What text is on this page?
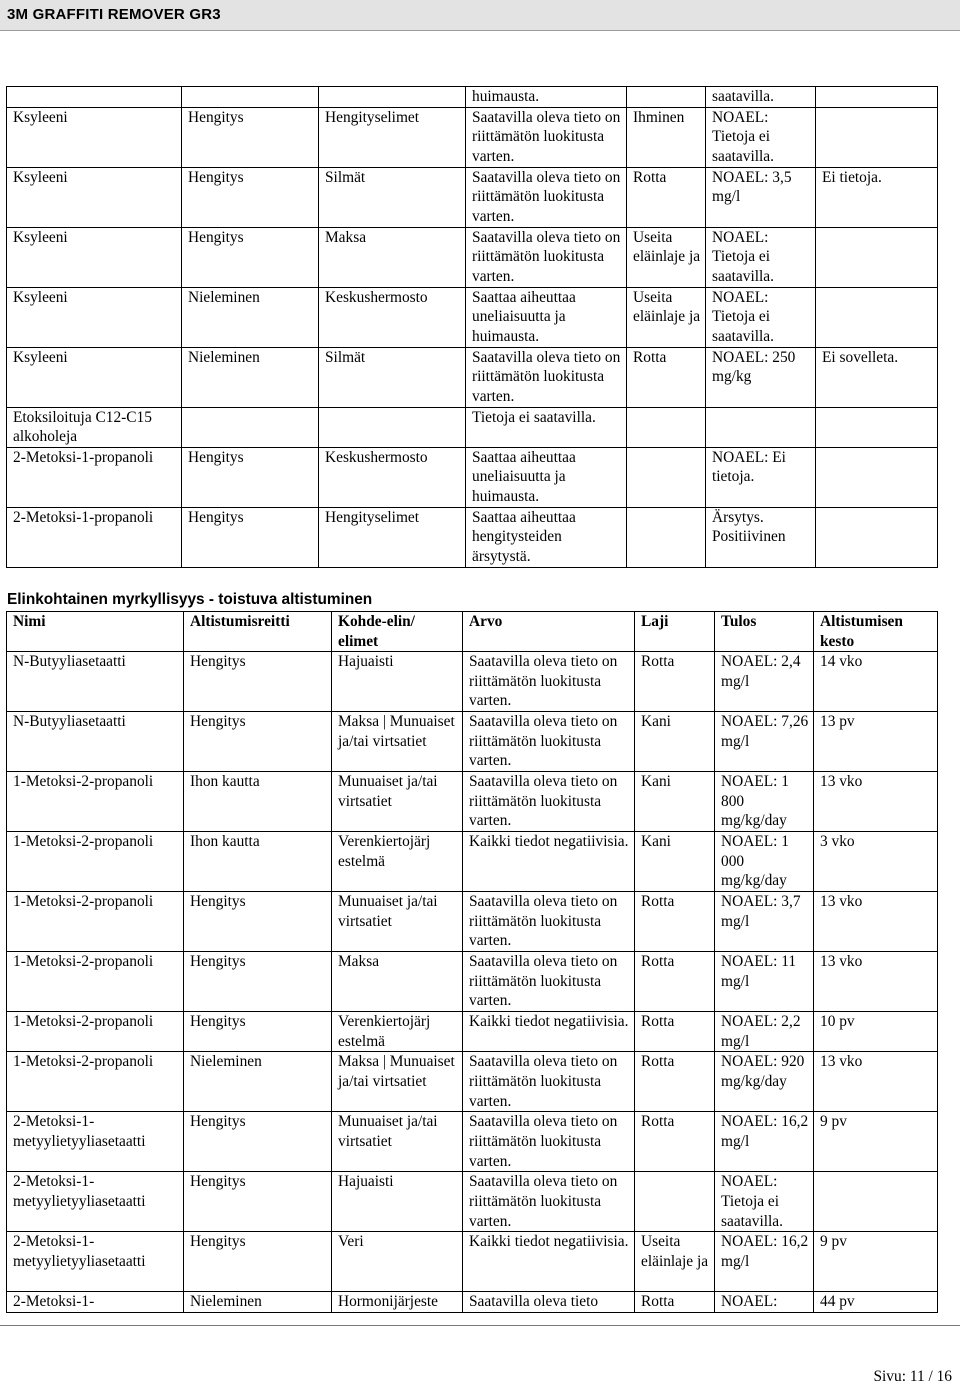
3M GRAFFITI REMOVER GR3
			huimausta.		saatavilla.	
Ksyleeni	Hengitys	Hengityselimet	Saatavilla oleva tieto on riittämätön luokitusta varten.	Ihminen	NOAEL: Tietoja ei saatavilla.	
Ksyleeni	Hengitys	Silmät	Saatavilla oleva tieto on riittämätön luokitusta varten.	Rotta	NOAEL: 3,5 mg/l	Ei tietoja.
Ksyleeni	Hengitys	Maksa	Saatavilla oleva tieto on riittämätön luokitusta varten.	Useita eläinlaje ja	NOAEL: Tietoja ei saatavilla.	
Ksyleeni	Nieleminen	Keskushermosto	Saattaa aiheuttaa uneliaisuutta ja huimausta.	Useita eläinlaje ja	NOAEL: Tietoja ei saatavilla.	
Ksyleeni	Nieleminen	Silmät	Saatavilla oleva tieto on riittämätön luokitusta varten.	Rotta	NOAEL: 250 mg/kg	Ei sovelleta.
Etoksiloituja C12-C15 alkoholeja			Tietoja ei saatavilla.			
2-Metoksi-1-propanoli	Hengitys	Keskushermosto	Saattaa aiheuttaa uneliaisuutta ja huimausta.		NOAEL: Ei tietoja.	
2-Metoksi-1-propanoli	Hengitys	Hengityselimet	Saattaa aiheuttaa hengitysteiden ärsytystä.		Ärsytys. Positiivinen	
Elinkohtainen myrkyllisyys - toistuva altistuminen
Nimi	Altistumisreitti	Kohde-elin/ elimet	Arvo	Laji	Tulos	Altistumisen kesto
N-Butyyliasetaatti	Hengitys	Hajuaisti	Saatavilla oleva tieto on riittämätön luokitusta varten.	Rotta	NOAEL: 2,4 mg/l	14 vko
N-Butyyliasetaatti	Hengitys	Maksa | Munuaiset ja/tai virtsatiet	Saatavilla oleva tieto on riittämätön luokitusta varten.	Kani	NOAEL: 7,26 mg/l	13 pv
1-Metoksi-2-propanoli	Ihon kautta	Munuaiset ja/tai virtsatiet	Saatavilla oleva tieto on riittämätön luokitusta varten.	Kani	NOAEL: 1 800 mg/kg/day	13 vko
1-Metoksi-2-propanoli	Ihon kautta	Verenkiertojärj estelmä	Kaikki tiedot negatiivisia.	Kani	NOAEL: 1 000 mg/kg/day	3 vko
1-Metoksi-2-propanoli	Hengitys	Munuaiset ja/tai virtsatiet	Saatavilla oleva tieto on riittämätön luokitusta varten.	Rotta	NOAEL: 3,7 mg/l	13 vko
1-Metoksi-2-propanoli	Hengitys	Maksa	Saatavilla oleva tieto on riittämätön luokitusta varten.	Rotta	NOAEL: 11 mg/l	13 vko
1-Metoksi-2-propanoli	Hengitys	Verenkiertojärj estelmä	Kaikki tiedot negatiivisia.	Rotta	NOAEL: 2,2 mg/l	10 pv
1-Metoksi-2-propanoli	Nieleminen	Maksa | Munuaiset ja/tai virtsatiet	Saatavilla oleva tieto on riittämätön luokitusta varten.	Rotta	NOAEL: 920 mg/kg/day	13 vko
2-Metoksi-1-metyylietyyliasetaatti	Hengitys	Munuaiset ja/tai virtsatiet	Saatavilla oleva tieto on riittämätön luokitusta varten.	Rotta	NOAEL: 16,2 mg/l	9 pv
2-Metoksi-1-metyylietyyliasetaatti	Hengitys	Hajuaisti	Saatavilla oleva tieto on riittämätön luokitusta varten.		NOAEL: Tietoja ei saatavilla.	
2-Metoksi-1-metyylietyyliasetaatti	Hengitys	Veri	Kaikki tiedot negatiivisia.	Useita eläinlaje ja	NOAEL: 16,2 mg/l	9 pv
2-Metoksi-1-	Nieleminen	Hormonijärjeste	Saatavilla oleva tieto	Rotta	NOAEL:	44 pv
Sivu: 11 / 16
